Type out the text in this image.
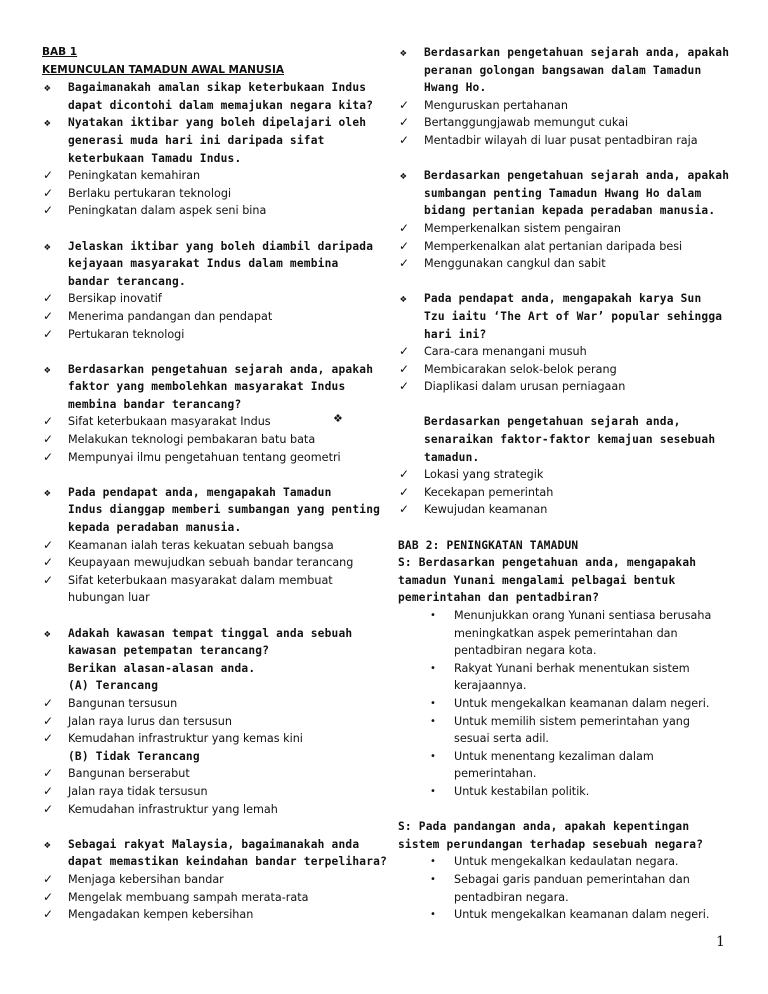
BAB 1
KEMUNCULAN TAMADUN AWAL MANUSIA
❖ Bagaimanakah amalan sikap keterbukaan Indus
dapat dicontohi dalam memajukan negara kita?
❖ Nyatakan iktibar yang boleh dipelajari oleh
generasi muda hari ini daripada sifat
keterbukaan Tamadu Indus.
✓ Peningkatan kemahiran
✓ Berlaku pertukaran teknologi
✓ Peningkatan dalam aspek seni bina
❖ Jelaskan iktibar yang boleh diambil daripada
kejayaan masyarakat Indus dalam membina
bandar terancang.
✓ Bersikap inovatif
✓ Menerima pandangan dan pendapat
✓ Pertukaran teknologi
❖ Berdasarkan pengetahuan sejarah anda, apakah
faktor yang membolehkan masyarakat Indus
membina bandar terancang?
✓ Sifat keterbukaan masyarakat Indus
✓ Melakukan teknologi pembakaran batu bata
✓ Mempunyai ilmu pengetahuan tentang geometri
❖ Pada pendapat anda, mengapakah Tamadun
Indus dianggap memberi sumbangan yang penting
kepada peradaban manusia.
✓ Keamanan ialah teras kekuatan sebuah bangsa
✓ Keupayaan mewujudkan sebuah bandar terancang
✓ Sifat keterbukaan masyarakat dalam membuat
hubungan luar
❖ Adakah kawasan tempat tinggal anda sebuah
kawasan petempatan terancang?
Berikan alasan-alasan anda.
(A) Terancang
✓ Bangunan tersusun
✓ Jalan raya lurus dan tersusun
✓ Kemudahan infrastruktur yang kemas kini
(B) Tidak Terancang
✓ Bangunan berserabut
✓ Jalan raya tidak tersusun
✓ Kemudahan infrastruktur yang lemah
❖ Sebagai rakyat Malaysia, bagaimanakah anda
dapat memastikan keindahan bandar terpelihara?
✓ Menjaga kebersihan bandar
✓ Mengelak membuang sampah merata-rata
✓ Mengadakan kempen kebersihan
❖ Berdasarkan pengetahuan sejarah anda, apakah
peranan golongan bangsawan dalam Tamadun
Hwang Ho.
✓ Menguruskan pertahanan
✓ Bertanggungjawab memungut cukai
✓ Mentadbir wilayah di luar pusat pentadbiran raja
❖ Berdasarkan pengetahuan sejarah anda, apakah
sumbangan penting Tamadun Hwang Ho dalam
bidang pertanian kepada peradaban manusia.
✓ Memperkenalkan sistem pengairan
✓ Memperkenalkan alat pertanian daripada besi
✓ Menggunakan cangkul dan sabit
❖ Pada pendapat anda, mengapakah karya Sun
Tzu iaitu ‘The Art of War’ popular sehingga
hari ini?
✓ Cara-cara menangani musuh
✓ Membicarakan selok-belok perang
✓ Diaplikasi dalam urusan perniagaan
Berdasarkan pengetahuan sejarah anda,
senaraikan faktor-faktor kemajuan sesebuah
tamadun.
✓ Lokasi yang strategik
✓ Kecekapan pemerintah
✓ Kewujudan keamanan
BAB 2: PENINGKATAN TAMADUN
S: Berdasarkan pengetahuan anda, mengapakah
tamadun Yunani mengalami pelbagai bentuk
pemerintahan dan pentadbiran?
• Menunjukkan orang Yunani sentiasa berusaha
meningkatkan aspek pemerintahan dan
pentadbiran negara kota.
• Rakyat Yunani berhak menentukan sistem
kerajaannya.
• Untuk mengekalkan keamanan dalam negeri.
• Untuk memilih sistem pemerintahan yang
sesuai serta adil.
• Untuk menentang kezaliman dalam
pemerintahan.
• Untuk kestabilan politik.
S: Pada pandangan anda, apakah kepentingan
sistem perundangan terhadap sesebuah negara?
• Untuk mengekalkan kedaulatan negara.
• Sebagai garis panduan pemerintahan dan
pentadbiran negara.
• Untuk mengekalkan keamanan dalam negeri.
❖
1
